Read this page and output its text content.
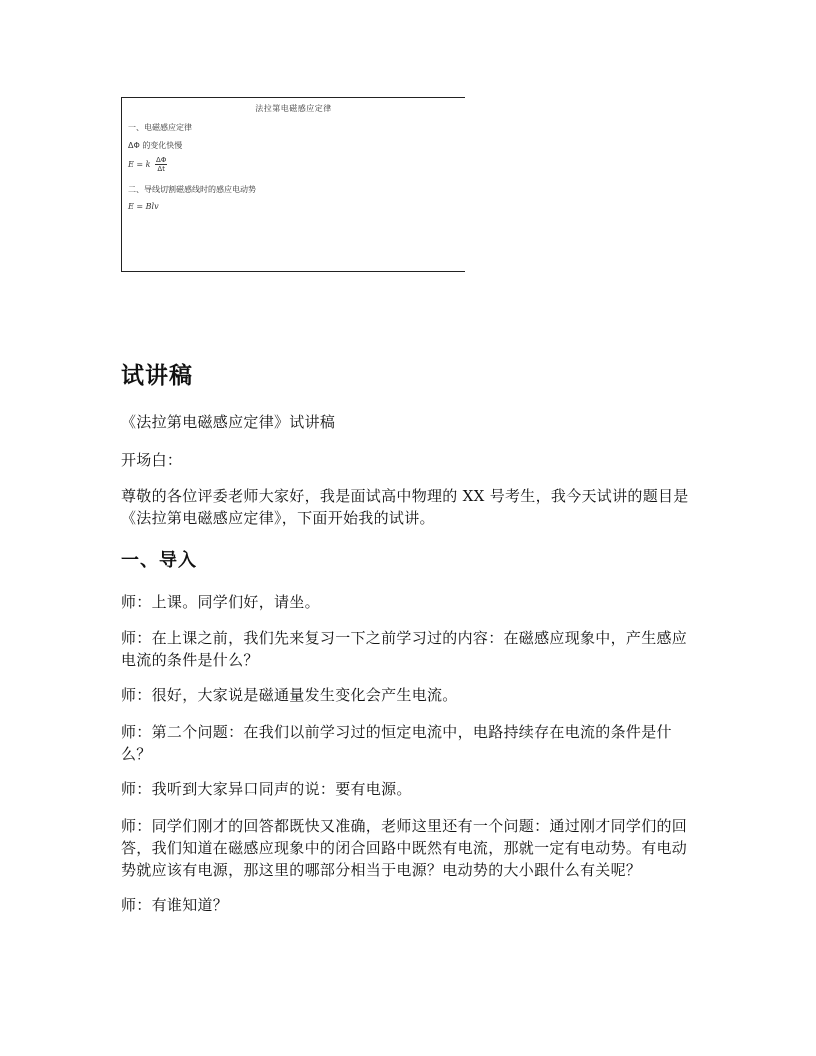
法拉第电磁感应定律
一、电磁感应定律
ΔΦ 的变化快慢
E = k $\frac{\Delta\Phi}{\Delta t}$
二、导线切割磁感线时的感应电动势
E = Blv
试讲稿

《法拉第电磁感应定律》试讲稿

开场白：

尊敬的各位评委老师大家好，我是面试高中物理的 XX 号考生，我今天试讲的题目是《法拉第电磁感应定律》，下面开始我的试讲。

一、导入

师：上课。同学们好，请坐。

师：在上课之前，我们先来复习一下之前学习过的内容：在磁感应现象中，产生感应电流的条件是什么？

师：很好，大家说是磁通量发生变化会产生电流。

师：第二个问题：在我们以前学习过的恒定电流中，电路持续存在电流的条件是什么？

师：我听到大家异口同声的说：要有电源。

师：同学们刚才的回答都既快又准确，老师这里还有一个问题：通过刚才同学们的回答，我们知道在磁感应现象中的闭合回路中既然有电流，那就一定有电动势。有电动势就应该有电源，那这里的哪部分相当于电源？电动势的大小跟什么有关呢？

师：有谁知道？
